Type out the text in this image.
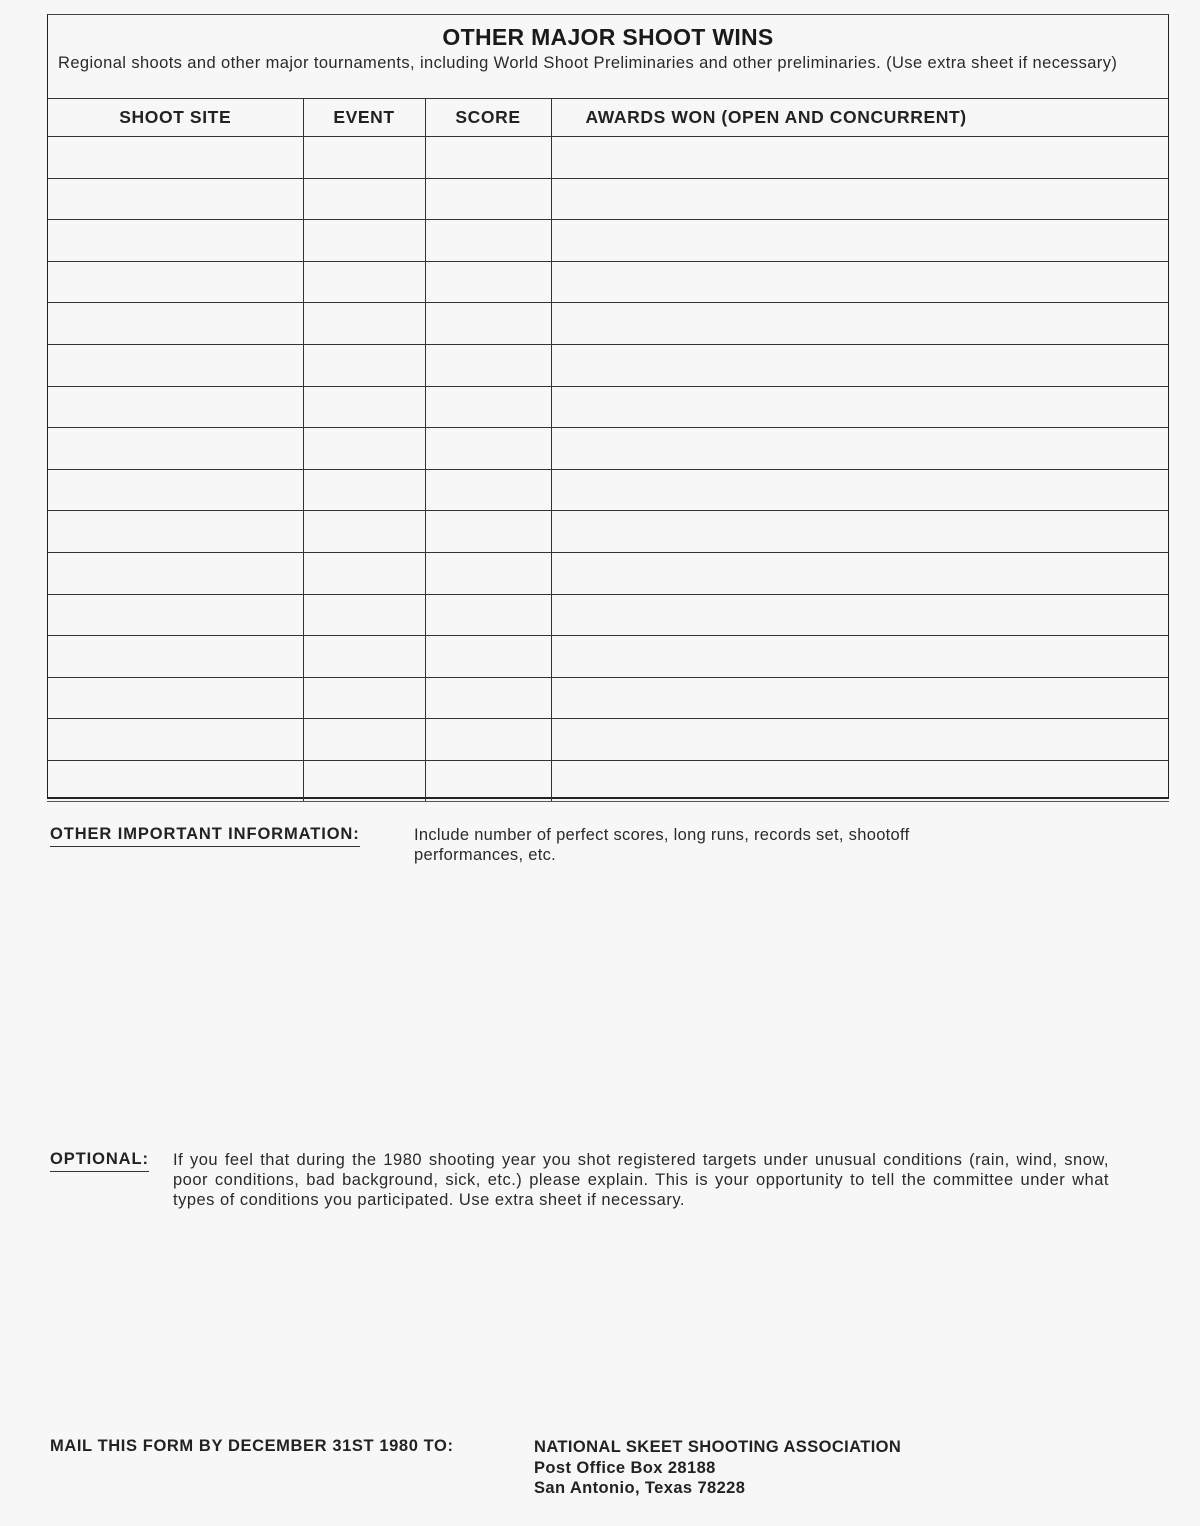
OTHER MAJOR SHOOT WINS
Regional shoots and other major tournaments, including World Shoot Preliminaries and other preliminaries. (Use extra sheet if necessary)
SHOOT SITE	EVENT	SCORE	AWARDS WON (OPEN AND CONCURRENT)

OTHER IMPORTANT INFORMATION:	Include number of perfect scores, long runs, records set, shootoff performances, etc.
OPTIONAL: If you feel that during the 1980 shooting year you shot registered targets under unusual conditions (rain, wind, snow, poor conditions, bad background, sick, etc.) please explain. This is your opportunity to tell the committee under what types of conditions you participated. Use extra sheet if necessary.
MAIL THIS FORM BY DECEMBER 31ST 1980 TO:	NATIONAL SKEET SHOOTING ASSOCIATION
Post Office Box 28188
San Antonio, Texas 78228
